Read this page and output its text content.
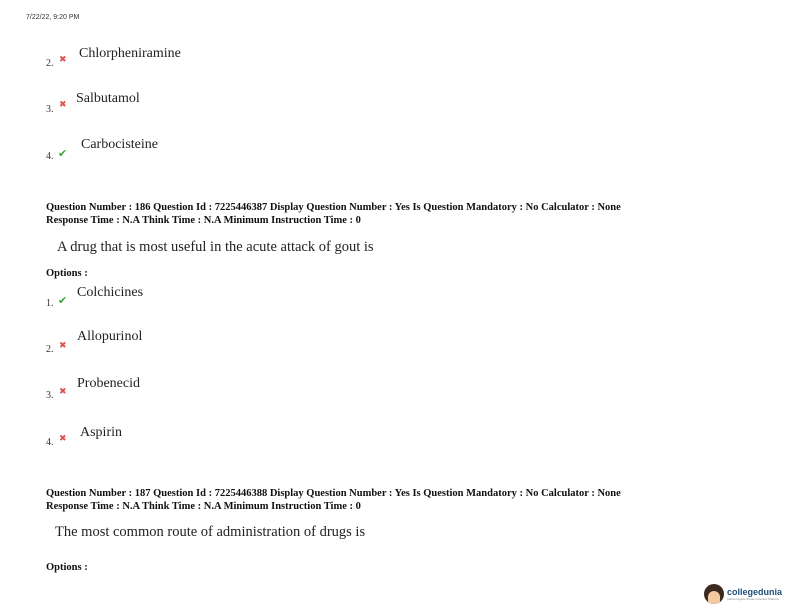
7/22/22, 9:20 PM
2. ✖ Chlorpheniramine
3. ✖ Salbutamol
4. ✔
Carbocisteine
Question Number : 186 Question Id : 7225446387 Display Question Number : Yes Is Question Mandatory : No Calculator : None
Response Time : N.A Think Time : N.A Minimum Instruction Time : 0
A drug that is most useful in the acute attack of gout is
Options :
1. ✔
Colchicines
2. ✖
Allopurinol
3. ✖
Probenecid
4. ✖ Aspirin
Question Number : 187 Question Id : 7225446388 Display Question Number : Yes Is Question Mandatory : No Calculator : None
Response Time : N.A Think Time : N.A Minimum Instruction Time : 0
The most common route of administration of drugs is
Options :
collegedunia
India's largest Student Review Platform
